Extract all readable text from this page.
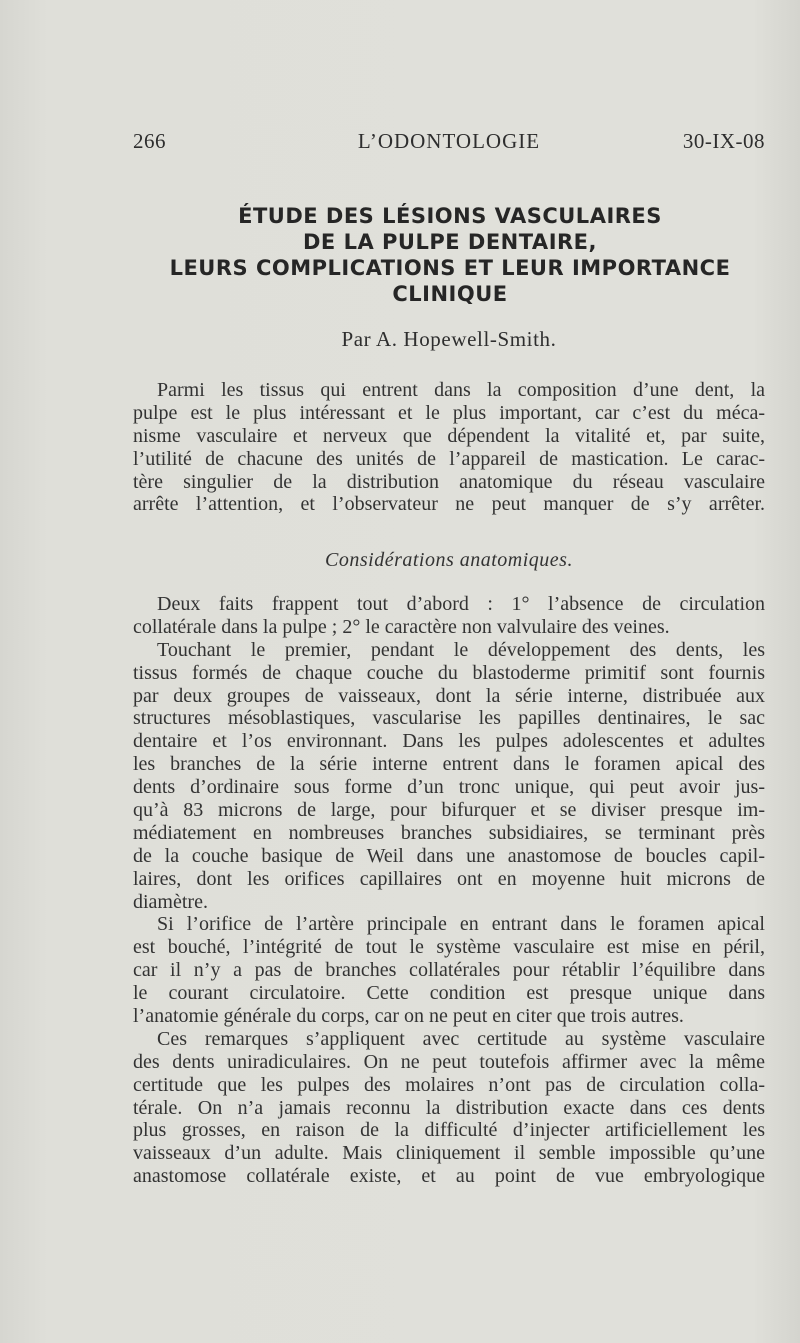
266	L’ODONTOLOGIE	30-IX-08
ÉTUDE DES LÉSIONS VASCULAIRES
DE LA PULPE DENTAIRE,
LEURS COMPLICATIONS ET LEUR IMPORTANCE
CLINIQUE
Par A. Hopewell-Smith.
Parmi les tissus qui entrent dans la composition d’une dent, la
pulpe est le plus intéressant et le plus important, car c’est du méca-
nisme vasculaire et nerveux que dépendent la vitalité et, par suite,
l’utilité de chacune des unités de l’appareil de mastication. Le carac-
tère singulier de la distribution anatomique du réseau vasculaire
arrête l’attention, et l’observateur ne peut manquer de s’y arrêter.
Considérations anatomiques.
Deux faits frappent tout d’abord : 1° l’absence de circulation
collatérale dans la pulpe ; 2° le caractère non valvulaire des veines.
Touchant le premier, pendant le développement des dents, les
tissus formés de chaque couche du blastoderme primitif sont fournis
par deux groupes de vaisseaux, dont la série interne, distribuée aux
structures mésoblastiques, vascularise les papilles dentinaires, le sac
dentaire et l’os environnant. Dans les pulpes adolescentes et adultes
les branches de la série interne entrent dans le foramen apical des
dents d’ordinaire sous forme d’un tronc unique, qui peut avoir jus-
qu’à 83 microns de large, pour bifurquer et se diviser presque im-
médiatement en nombreuses branches subsidiaires, se terminant près
de la couche basique de Weil dans une anastomose de boucles capil-
laires, dont les orifices capillaires ont en moyenne huit microns de
diamètre.
Si l’orifice de l’artère principale en entrant dans le foramen apical
est bouché, l’intégrité de tout le système vasculaire est mise en péril,
car il n’y a pas de branches collatérales pour rétablir l’équilibre dans
le courant circulatoire. Cette condition est presque unique dans
l’anatomie générale du corps, car on ne peut en citer que trois autres.
Ces remarques s’appliquent avec certitude au système vasculaire
des dents uniradiculaires. On ne peut toutefois affirmer avec la même
certitude que les pulpes des molaires n’ont pas de circulation colla-
térale. On n’a jamais reconnu la distribution exacte dans ces dents
plus grosses, en raison de la difficulté d’injecter artificiellement les
vaisseaux d’un adulte. Mais cliniquement il semble impossible qu’une
anastomose collatérale existe, et au point de vue embryologique
